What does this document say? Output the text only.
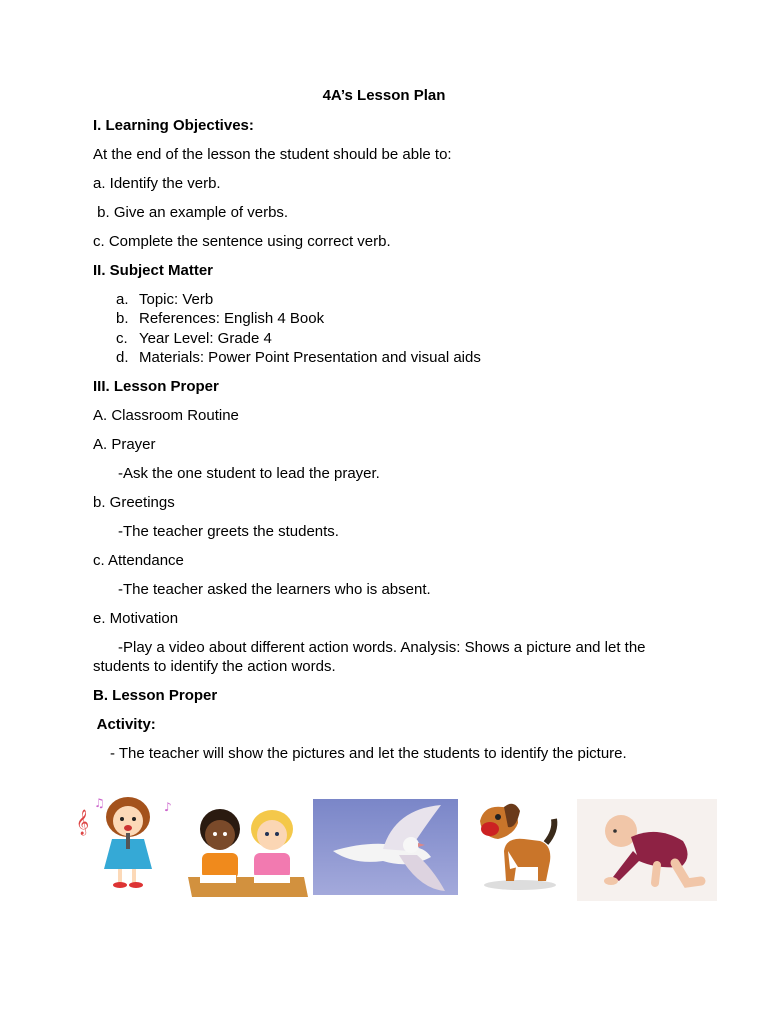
4A’s Lesson Plan
I. Learning Objectives:
At the end of the lesson the student should be able to:
a. Identify the verb.
b. Give an example of verbs.
c. Complete the sentence using correct verb.
II. Subject Matter
a. Topic: Verb
b. References: English 4 Book
c. Year Level: Grade 4
d. Materials: Power Point Presentation and visual aids
III. Lesson Proper
A. Classroom Routine
A. Prayer
-Ask the one student to lead the prayer.
b. Greetings
-The teacher greets the students.
c. Attendance
-The teacher asked the learners who is absent.
e. Motivation
-Play a video about different action words. Analysis: Shows a picture and let the students to identify the action words.
B. Lesson Proper
Activity:
- The teacher will show the pictures and let the students to identify the picture.
𝄞
♫	♪
